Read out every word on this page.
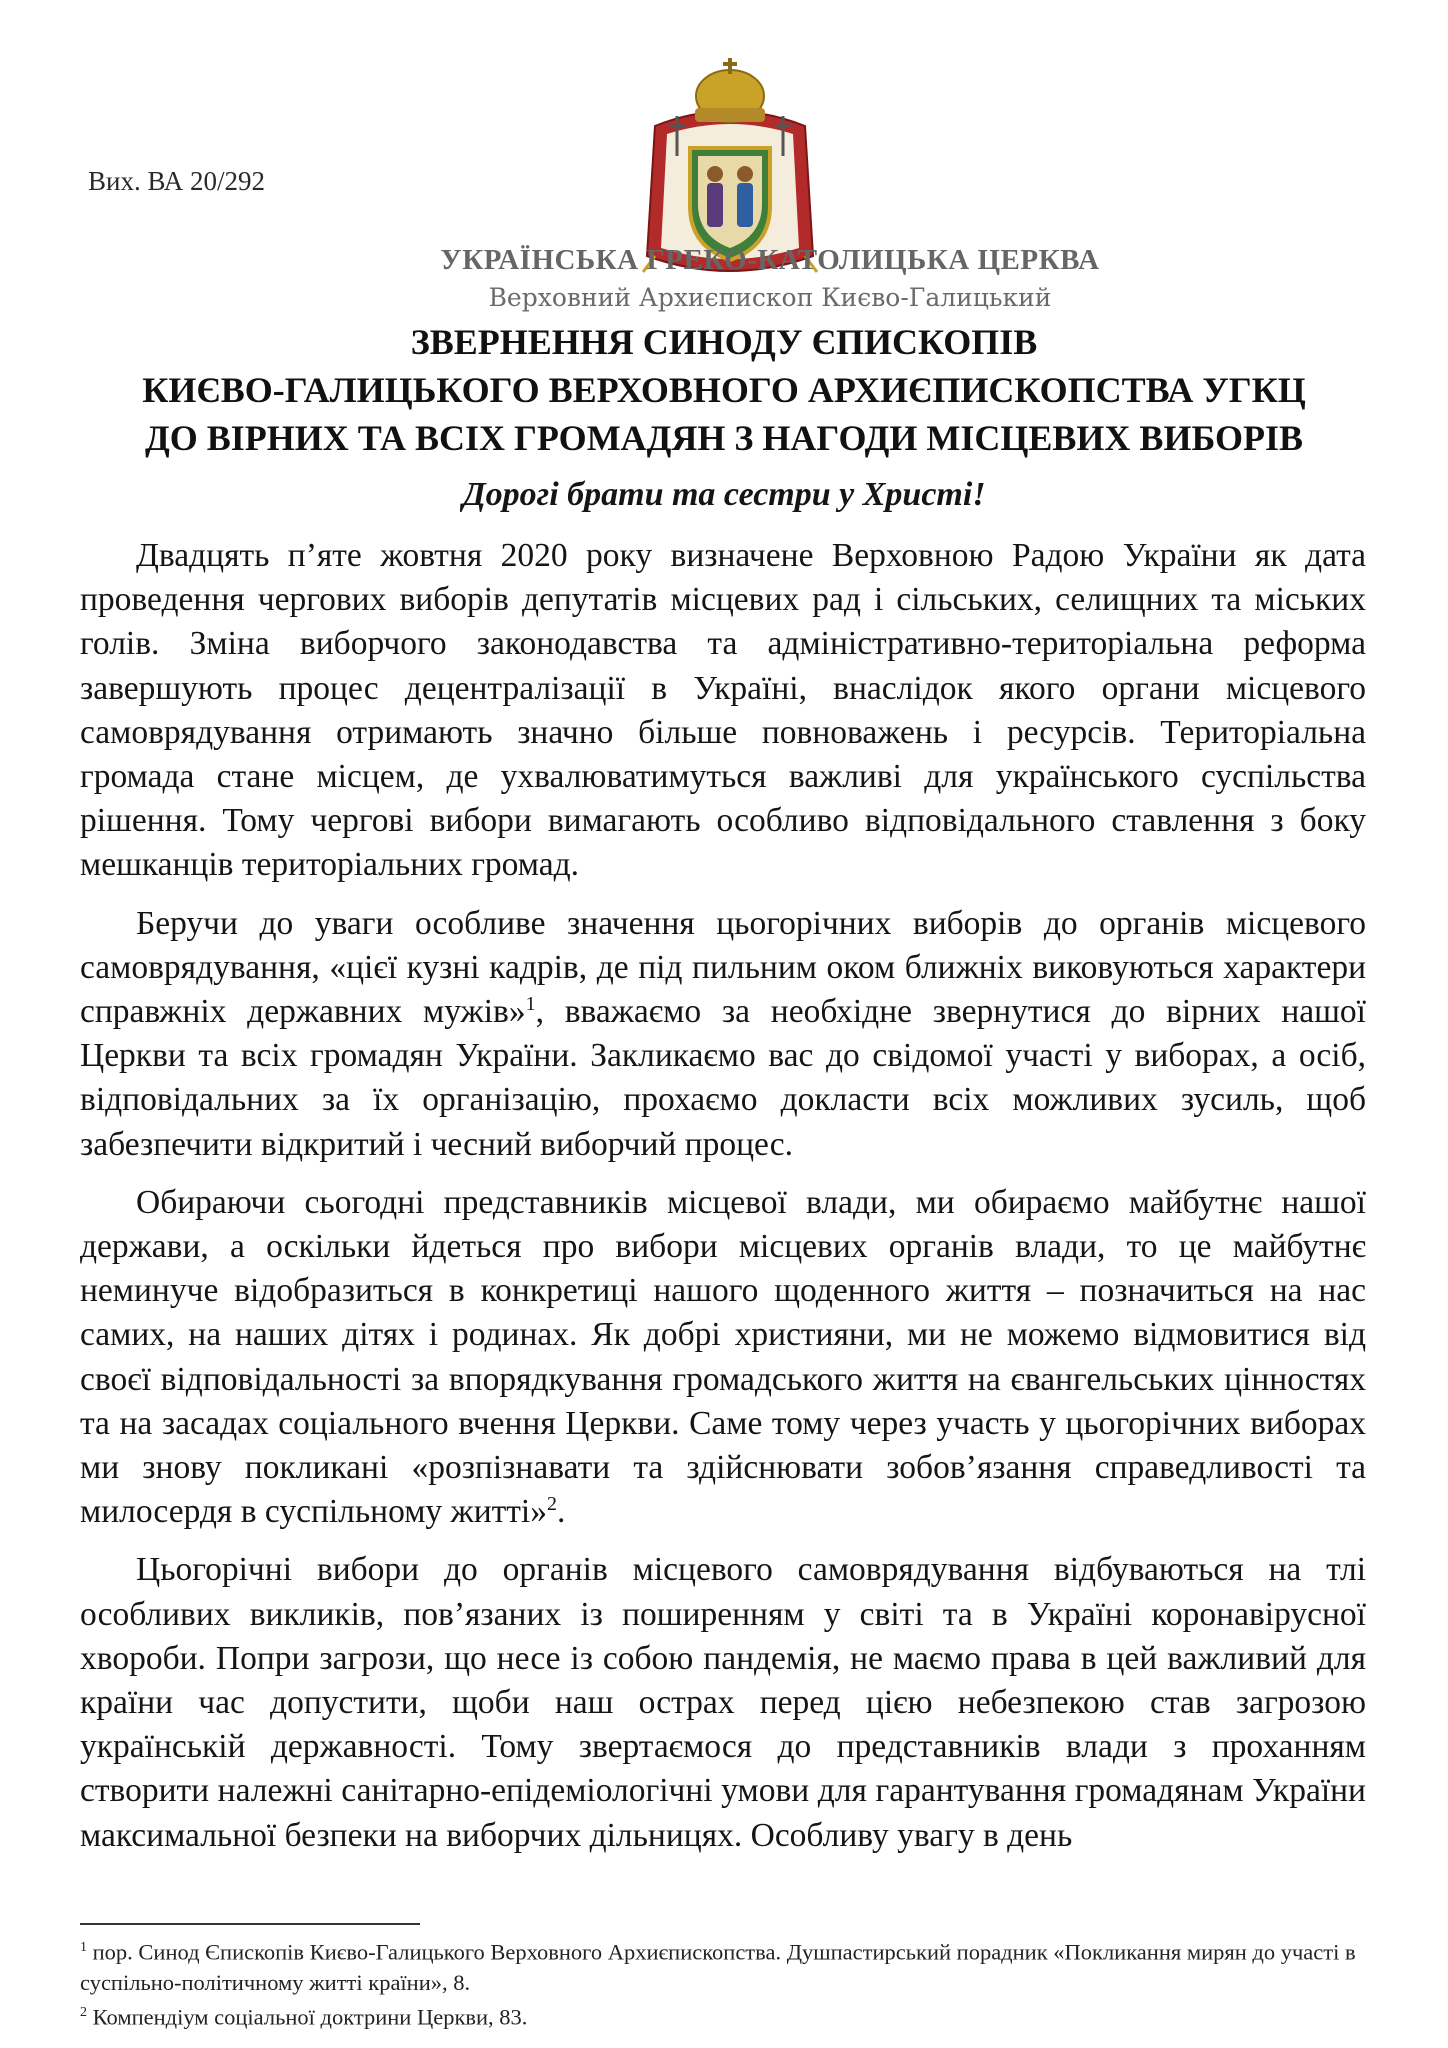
Вих. ВА 20/292
УКРАЇНСЬКА ГРЕКО-КАТОЛИЦЬКА ЦЕРКВА
Верховний Архиєпископ Києво-Галицький
ЗВЕРНЕННЯ СИНОДУ ЄПИСКОПІВ
КИЄВО-ГАЛИЦЬКОГО ВЕРХОВНОГО АРХИЄПИСКОПСТВА УГКЦ
ДО ВІРНИХ ТА ВСІХ ГРОМАДЯН З НАГОДИ МІСЦЕВИХ ВИБОРІВ
Дорогі брати та сестри у Христі!

Двадцять п’яте жовтня 2020 року визначене Верховною Радою України як дата проведення чергових виборів депутатів місцевих рад і сільських, селищних та міських голів. Зміна виборчого законодавства та адміністративно-територіальна реформа завершують процес децентралізації в Україні, внаслідок якого органи місцевого самоврядування отримають значно більше повноважень і ресурсів. Територіальна громада стане місцем, де ухвалюватимуться важливі для українського суспільства рішення. Тому чергові вибори вимагають особливо відповідального ставлення з боку мешканців територіальних громад.

Беручи до уваги особливе значення цьогорічних виборів до органів місцевого самоврядування, «цієї кузні кадрів, де під пильним оком ближніх виковуються характери справжніх державних мужів»$^1$, вважаємо за необхідне звернутися до вірних нашої Церкви та всіх громадян України. Закликаємо вас до свідомої участі у виборах, а осіб, відповідальних за їх організацію, прохаємо докласти всіх можливих зусиль, щоб забезпечити відкритий і чесний виборчий процес.

Обираючи сьогодні представників місцевої влади, ми обираємо майбутнє нашої держави, а оскільки йдеться про вибори місцевих органів влади, то це майбутнє неминуче відобразиться в конкретиці нашого щоденного життя – позначиться на нас самих, на наших дітях і родинах. Як добрі християни, ми не можемо відмовитися від своєї відповідальності за впорядкування громадського життя на євангельських цінностях та на засадах соціального вчення Церкви. Саме тому через участь у цьогорічних виборах ми знову покликані «розпізнавати та здійснювати зобов’язання справедливості та милосердя в суспільному житті»$^2$.

Цьогорічні вибори до органів місцевого самоврядування відбуваються на тлі особливих викликів, пов’язаних із поширенням у світі та в Україні коронавірусної хвороби. Попри загрози, що несе із собою пандемія, не маємо права в цей важливий для країни час допустити, щоби наш острах перед цією небезпекою став загрозою українській державності. Тому звертаємося до представників влади з проханням створити належні санітарно-епідеміологічні умови для гарантування громадянам України максимальної безпеки на виборчих дільницях. Особливу увагу в день

$^1$ пор. Синод Єпископів Києво-Галицького Верховного Архиєпископства. Душпастирський порадник «Покликання мирян до участі в суспільно-політичному житті країни», 8.

$^2$ Компендіум соціальної доктрини Церкви, 83.
